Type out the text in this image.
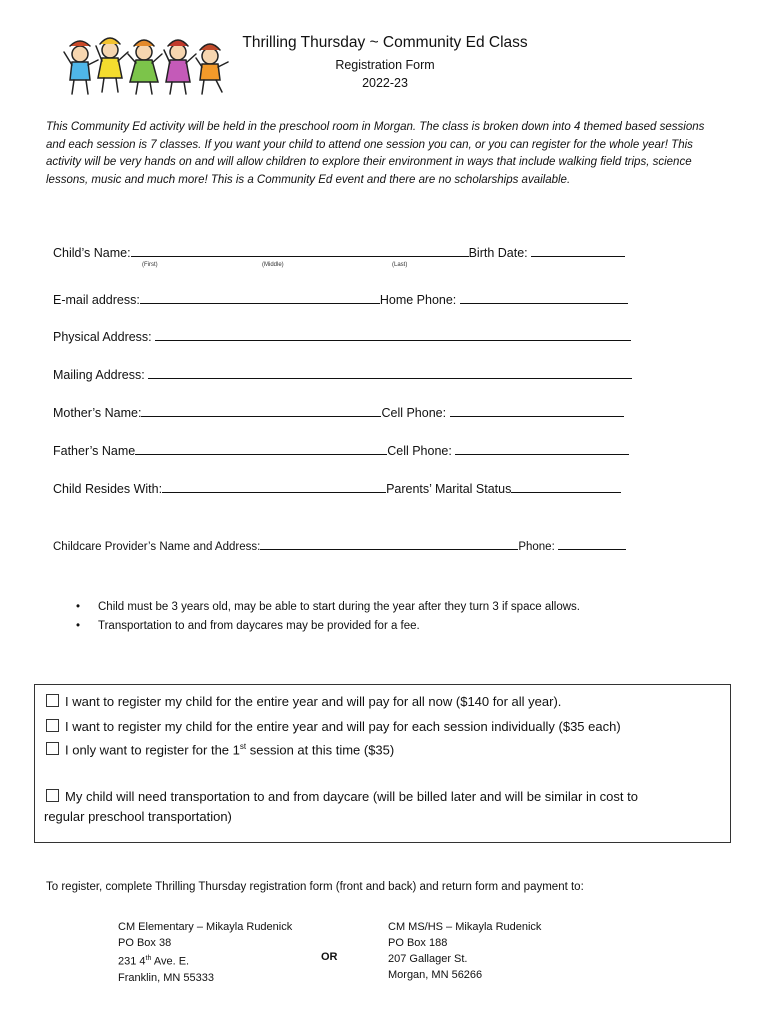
Thrilling Thursday ~ Community Ed Class
Registration Form
2022-23
This Community Ed activity will be held in the preschool room in Morgan. The class is broken down into 4 themed based sessions and each session is 7 classes. If you want your child to attend one session you can, or you can register for the whole year! This activity will be very hands on and will allow children to explore their environment in ways that include walking field trips, science lessons, music and much more! This is a Community Ed event and there are no scholarships available.
Child’s Name:	Birth Date:
(First)	(Middle)	(Last)
E-mail address:	Home Phone:
Physical Address:
Mailing Address:
Mother’s Name:	Cell Phone:
Father’s Name	Cell Phone:
Child Resides With:	Parents’ Marital Status
Childcare Provider’s Name and Address:	Phone:
• Child must be 3 years old, may be able to start during the year after they turn 3 if space allows.
• Transportation to and from daycares may be provided for a fee.
I want to register my child for the entire year and will pay for all now ($140 for all year).
I want to register my child for the entire year and will pay for each session individually ($35 each)
I only want to register for the 1st session at this time ($35)
My child will need transportation to and from daycare (will be billed later and will be similar in cost to
regular preschool transportation)
To register, complete Thrilling Thursday registration form (front and back) and return form and payment to:
CM Elementary – Mikayla Rudenick
PO Box 38
231 4th Ave. E.
Franklin, MN 55333
OR
CM MS/HS – Mikayla Rudenick
PO Box 188
207 Gallager St.
Morgan, MN 56266
